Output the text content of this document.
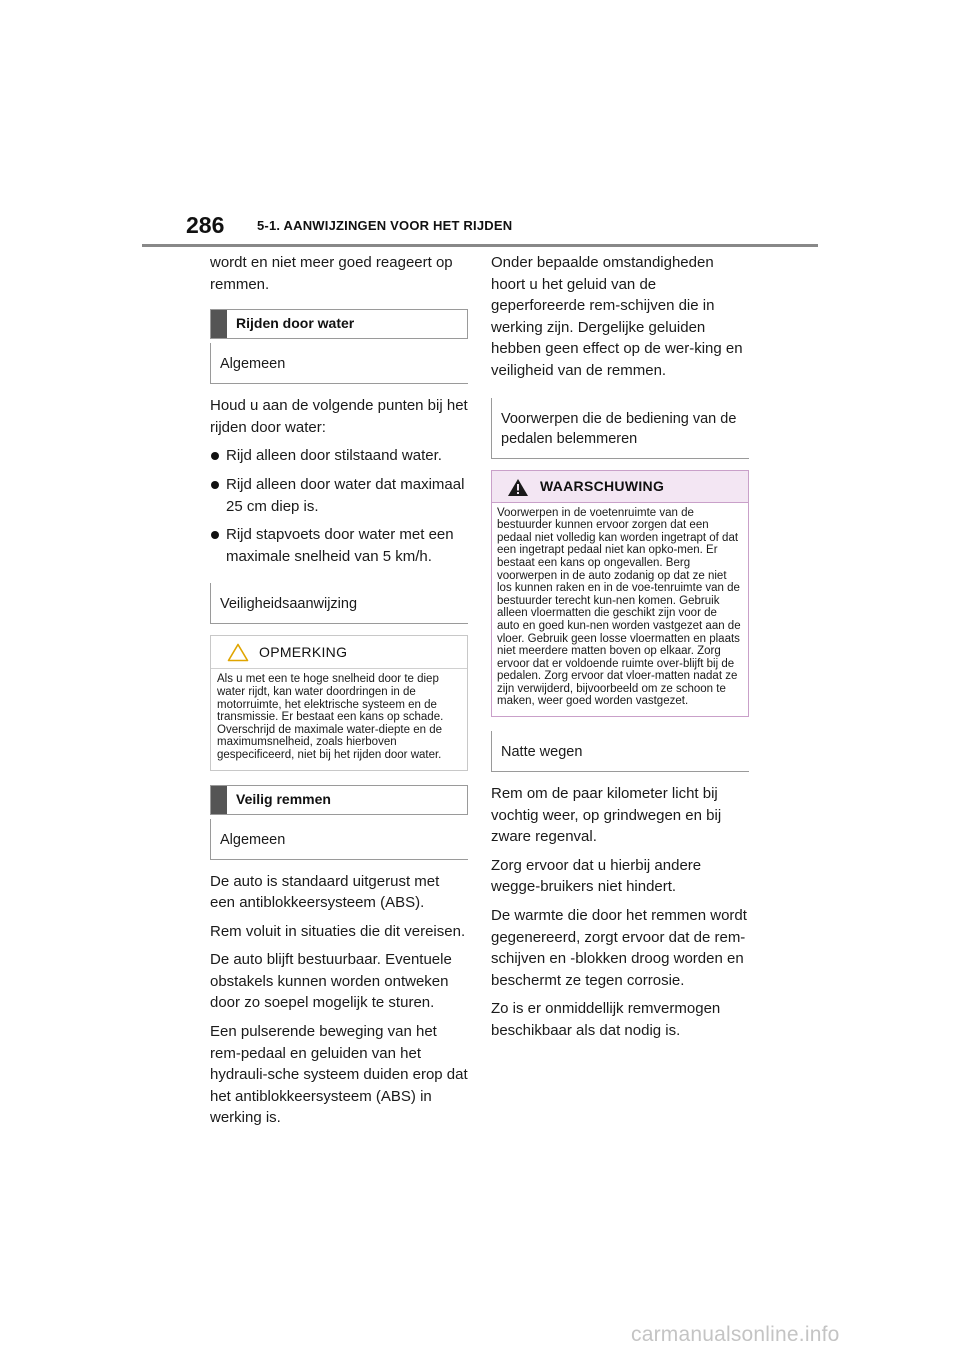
286	5-1. AANWIJZINGEN VOOR HET RIJDEN

wordt en niet meer goed reageert op remmen.

Rijden door water
Algemeen

Houd u aan de volgende punten bij het rijden door water:

Rijd alleen door stilstaand water.
Rijd alleen door water dat maximaal 25 cm diep is.
Rijd stapvoets door water met een maximale snelheid van 5 km/h.
Veiligheidsaanwijzing
OPMERKING
Als u met een te hoge snelheid door te diep water rijdt, kan water doordringen in de motorruimte, het elektrische systeem en de transmissie. Er bestaat een kans op schade. Overschrijd de maximale water-diepte en de maximumsnelheid, zoals hierboven gespecificeerd, niet bij het rijden door water.
Veilig remmen
Algemeen

De auto is standaard uitgerust met een antiblokkeersysteem (ABS).

Rem voluit in situaties die dit vereisen.

De auto blijft bestuurbaar. Eventuele obstakels kunnen worden ontweken door zo soepel mogelijk te sturen.

Een pulserende beweging van het rem-pedaal en geluiden van het hydrauli-sche systeem duiden erop dat het antiblokkeersysteem (ABS) in werking is.

Onder bepaalde omstandigheden hoort u het geluid van de geperforeerde rem-schijven die in werking zijn. Dergelijke geluiden hebben geen effect op de wer-king en veiligheid van de remmen.

Voorwerpen die de bediening van de pedalen belemmeren
WAARSCHUWING
Voorwerpen in de voetenruimte van de bestuurder kunnen ervoor zorgen dat een pedaal niet volledig kan worden ingetrapt of dat een ingetrapt pedaal niet kan opko-men. Er bestaat een kans op ongevallen. Berg voorwerpen in de auto zodanig op dat ze niet los kunnen raken en in de voe-tenruimte van de bestuurder terecht kun-nen komen. Gebruik alleen vloermatten die geschikt zijn voor de auto en goed kun-nen worden vastgezet aan de vloer. Gebruik geen losse vloermatten en plaats niet meerdere matten boven op elkaar. Zorg ervoor dat er voldoende ruimte over-blijft bij de pedalen. Zorg ervoor dat vloer-matten nadat ze zijn verwijderd, bijvoorbeeld om ze schoon te maken, weer goed worden vastgezet.
Natte wegen

Rem om de paar kilometer licht bij vochtig weer, op grindwegen en bij zware regenval.

Zorg ervoor dat u hierbij andere wegge-bruikers niet hindert.

De warmte die door het remmen wordt gegenereerd, zorgt ervoor dat de rem-schijven en -blokken droog worden en beschermt ze tegen corrosie.

Zo is er onmiddellijk remvermogen beschikbaar als dat nodig is.

carmanualsonline.info
